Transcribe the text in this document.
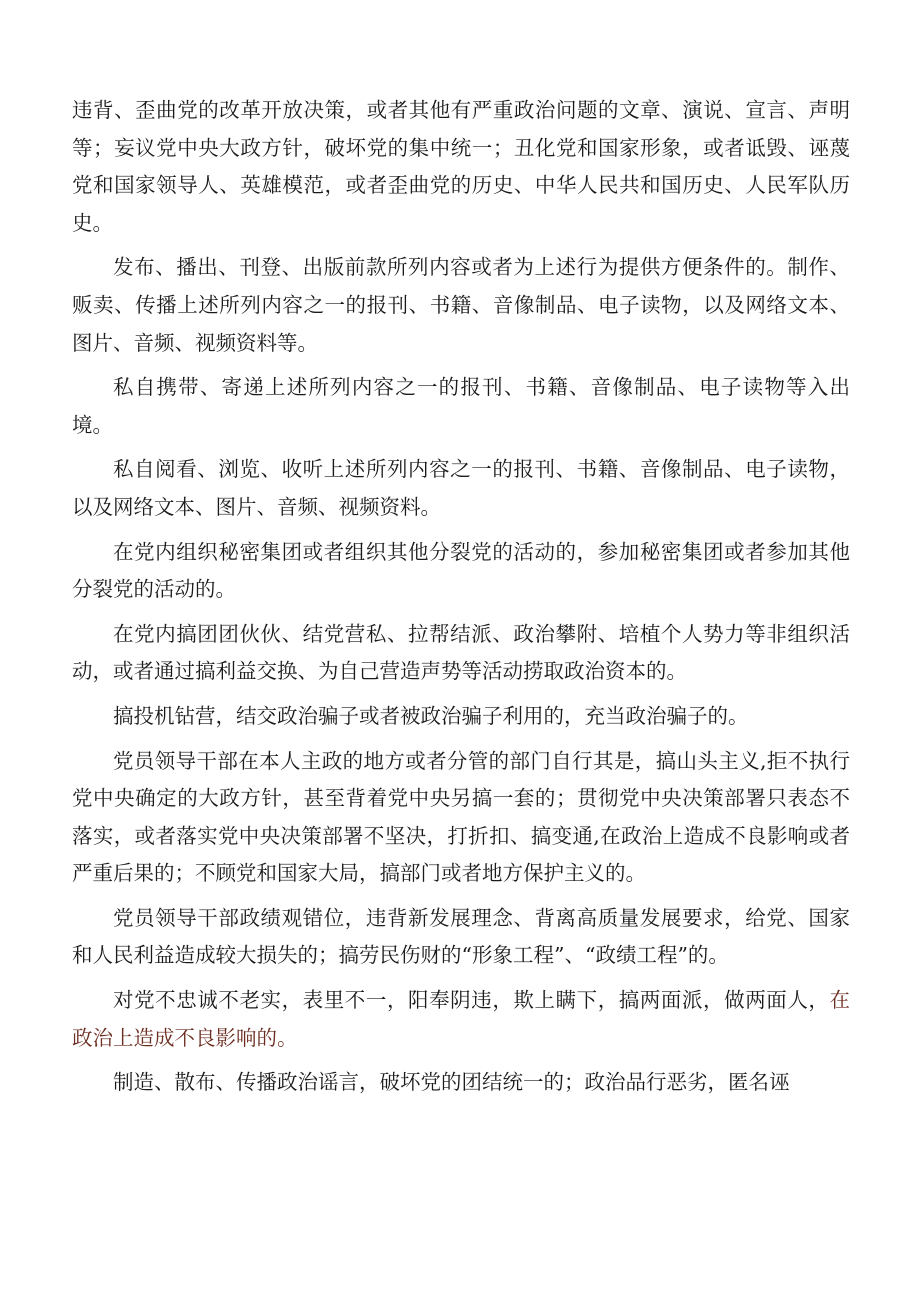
违背、歪曲党的改革开放决策，或者其他有严重政治问题的文章、演说、宣言、声明等；妄议党中央大政方针，破坏党的集中统一；丑化党和国家形象，或者诋毁、诬蔑党和国家领导人、英雄模范，或者歪曲党的历史、中华人民共和国历史、人民军队历史。

发布、播出、刊登、出版前款所列内容或者为上述行为提供方便条件的。制作、贩卖、传播上述所列内容之一的报刊、书籍、音像制品、电子读物，以及网络文本、图片、音频、视频资料等。

私自携带、寄递上述所列内容之一的报刊、书籍、音像制品、电子读物等入出境。

私自阅看、浏览、收听上述所列内容之一的报刊、书籍、音像制品、电子读物，以及网络文本、图片、音频、视频资料。

在党内组织秘密集团或者组织其他分裂党的活动的，参加秘密集团或者参加其他分裂党的活动的。

在党内搞团团伙伙、结党营私、拉帮结派、政治攀附、培植个人势力等非组织活动，或者通过搞利益交换、为自己营造声势等活动捞取政治资本的。

搞投机钻营，结交政治骗子或者被政治骗子利用的，充当政治骗子的。

党员领导干部在本人主政的地方或者分管的部门自行其是，搞山头主义,拒不执行党中央确定的大政方针，甚至背着党中央另搞一套的；贯彻党中央决策部署只表态不落实，或者落实党中央决策部署不坚决，打折扣、搞变通,在政治上造成不良影响或者严重后果的；不顾党和国家大局，搞部门或者地方保护主义的。

党员领导干部政绩观错位，违背新发展理念、背离高质量发展要求，给党、国家和人民利益造成较大损失的；搞劳民伤财的“形象工程”、“政绩工程”的。

对党不忠诚不老实，表里不一，阳奉阴违，欺上瞒下，搞两面派，做两面人，在政治上造成不良影响的。

制造、散布、传播政治谣言，破坏党的团结统一的；政治品行恶劣，匿名诬
